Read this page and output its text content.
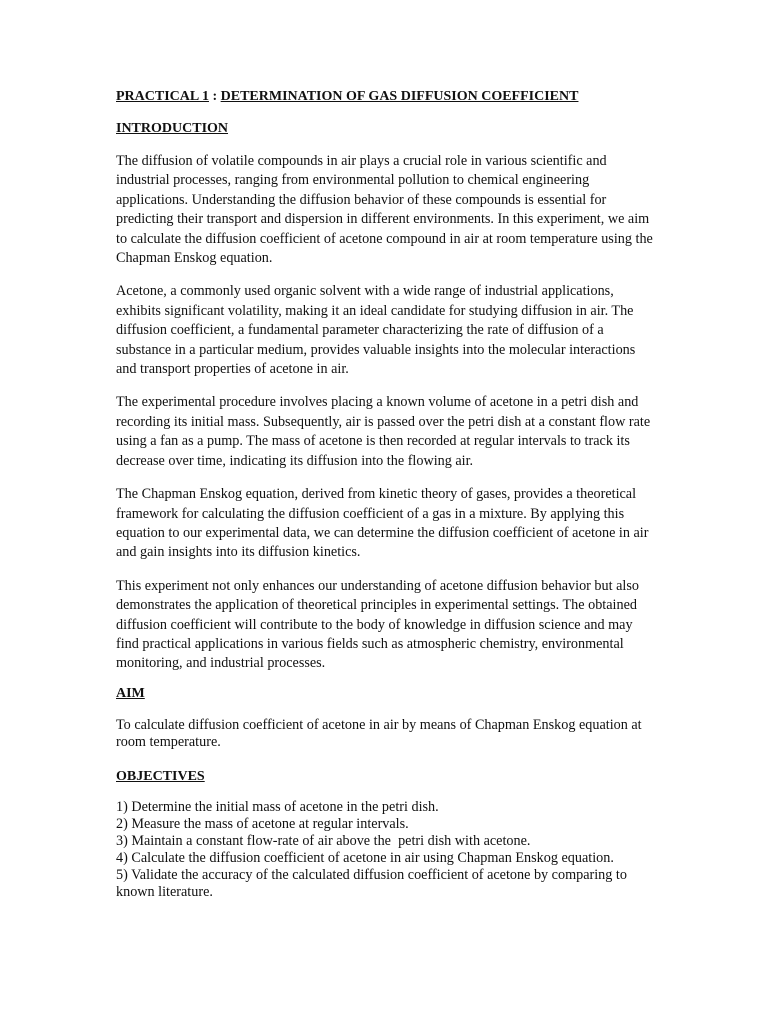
PRACTICAL 1 : DETERMINATION OF GAS DIFFUSION COEFFICIENT
INTRODUCTION

The diffusion of volatile compounds in air plays a crucial role in various scientific and industrial processes, ranging from environmental pollution to chemical engineering applications. Understanding the diffusion behavior of these compounds is essential for predicting their transport and dispersion in different environments. In this experiment, we aim to calculate the diffusion coefficient of acetone compound in air at room temperature using the Chapman Enskog equation.

Acetone, a commonly used organic solvent with a wide range of industrial applications, exhibits significant volatility, making it an ideal candidate for studying diffusion in air. The diffusion coefficient, a fundamental parameter characterizing the rate of diffusion of a substance in a particular medium, provides valuable insights into the molecular interactions and transport properties of acetone in air.

The experimental procedure involves placing a known volume of acetone in a petri dish and recording its initial mass. Subsequently, air is passed over the petri dish at a constant flow rate using a fan as a pump. The mass of acetone is then recorded at regular intervals to track its decrease over time, indicating its diffusion into the flowing air.

The Chapman Enskog equation, derived from kinetic theory of gases, provides a theoretical framework for calculating the diffusion coefficient of a gas in a mixture. By applying this equation to our experimental data, we can determine the diffusion coefficient of acetone in air and gain insights into its diffusion kinetics.

This experiment not only enhances our understanding of acetone diffusion behavior but also demonstrates the application of theoretical principles in experimental settings. The obtained diffusion coefficient will contribute to the body of knowledge in diffusion science and may find practical applications in various fields such as atmospheric chemistry, environmental monitoring, and industrial processes.

AIM

To calculate diffusion coefficient of acetone in air by means of Chapman Enskog equation at room temperature.

OBJECTIVES
1) Determine the initial mass of acetone in the petri dish.
2) Measure the mass of acetone at regular intervals.
3) Maintain a constant flow-rate of air above the  petri dish with acetone.
4) Calculate the diffusion coefficient of acetone in air using Chapman Enskog equation.
5) Validate the accuracy of the calculated diffusion coefficient of acetone by comparing to known literature.
